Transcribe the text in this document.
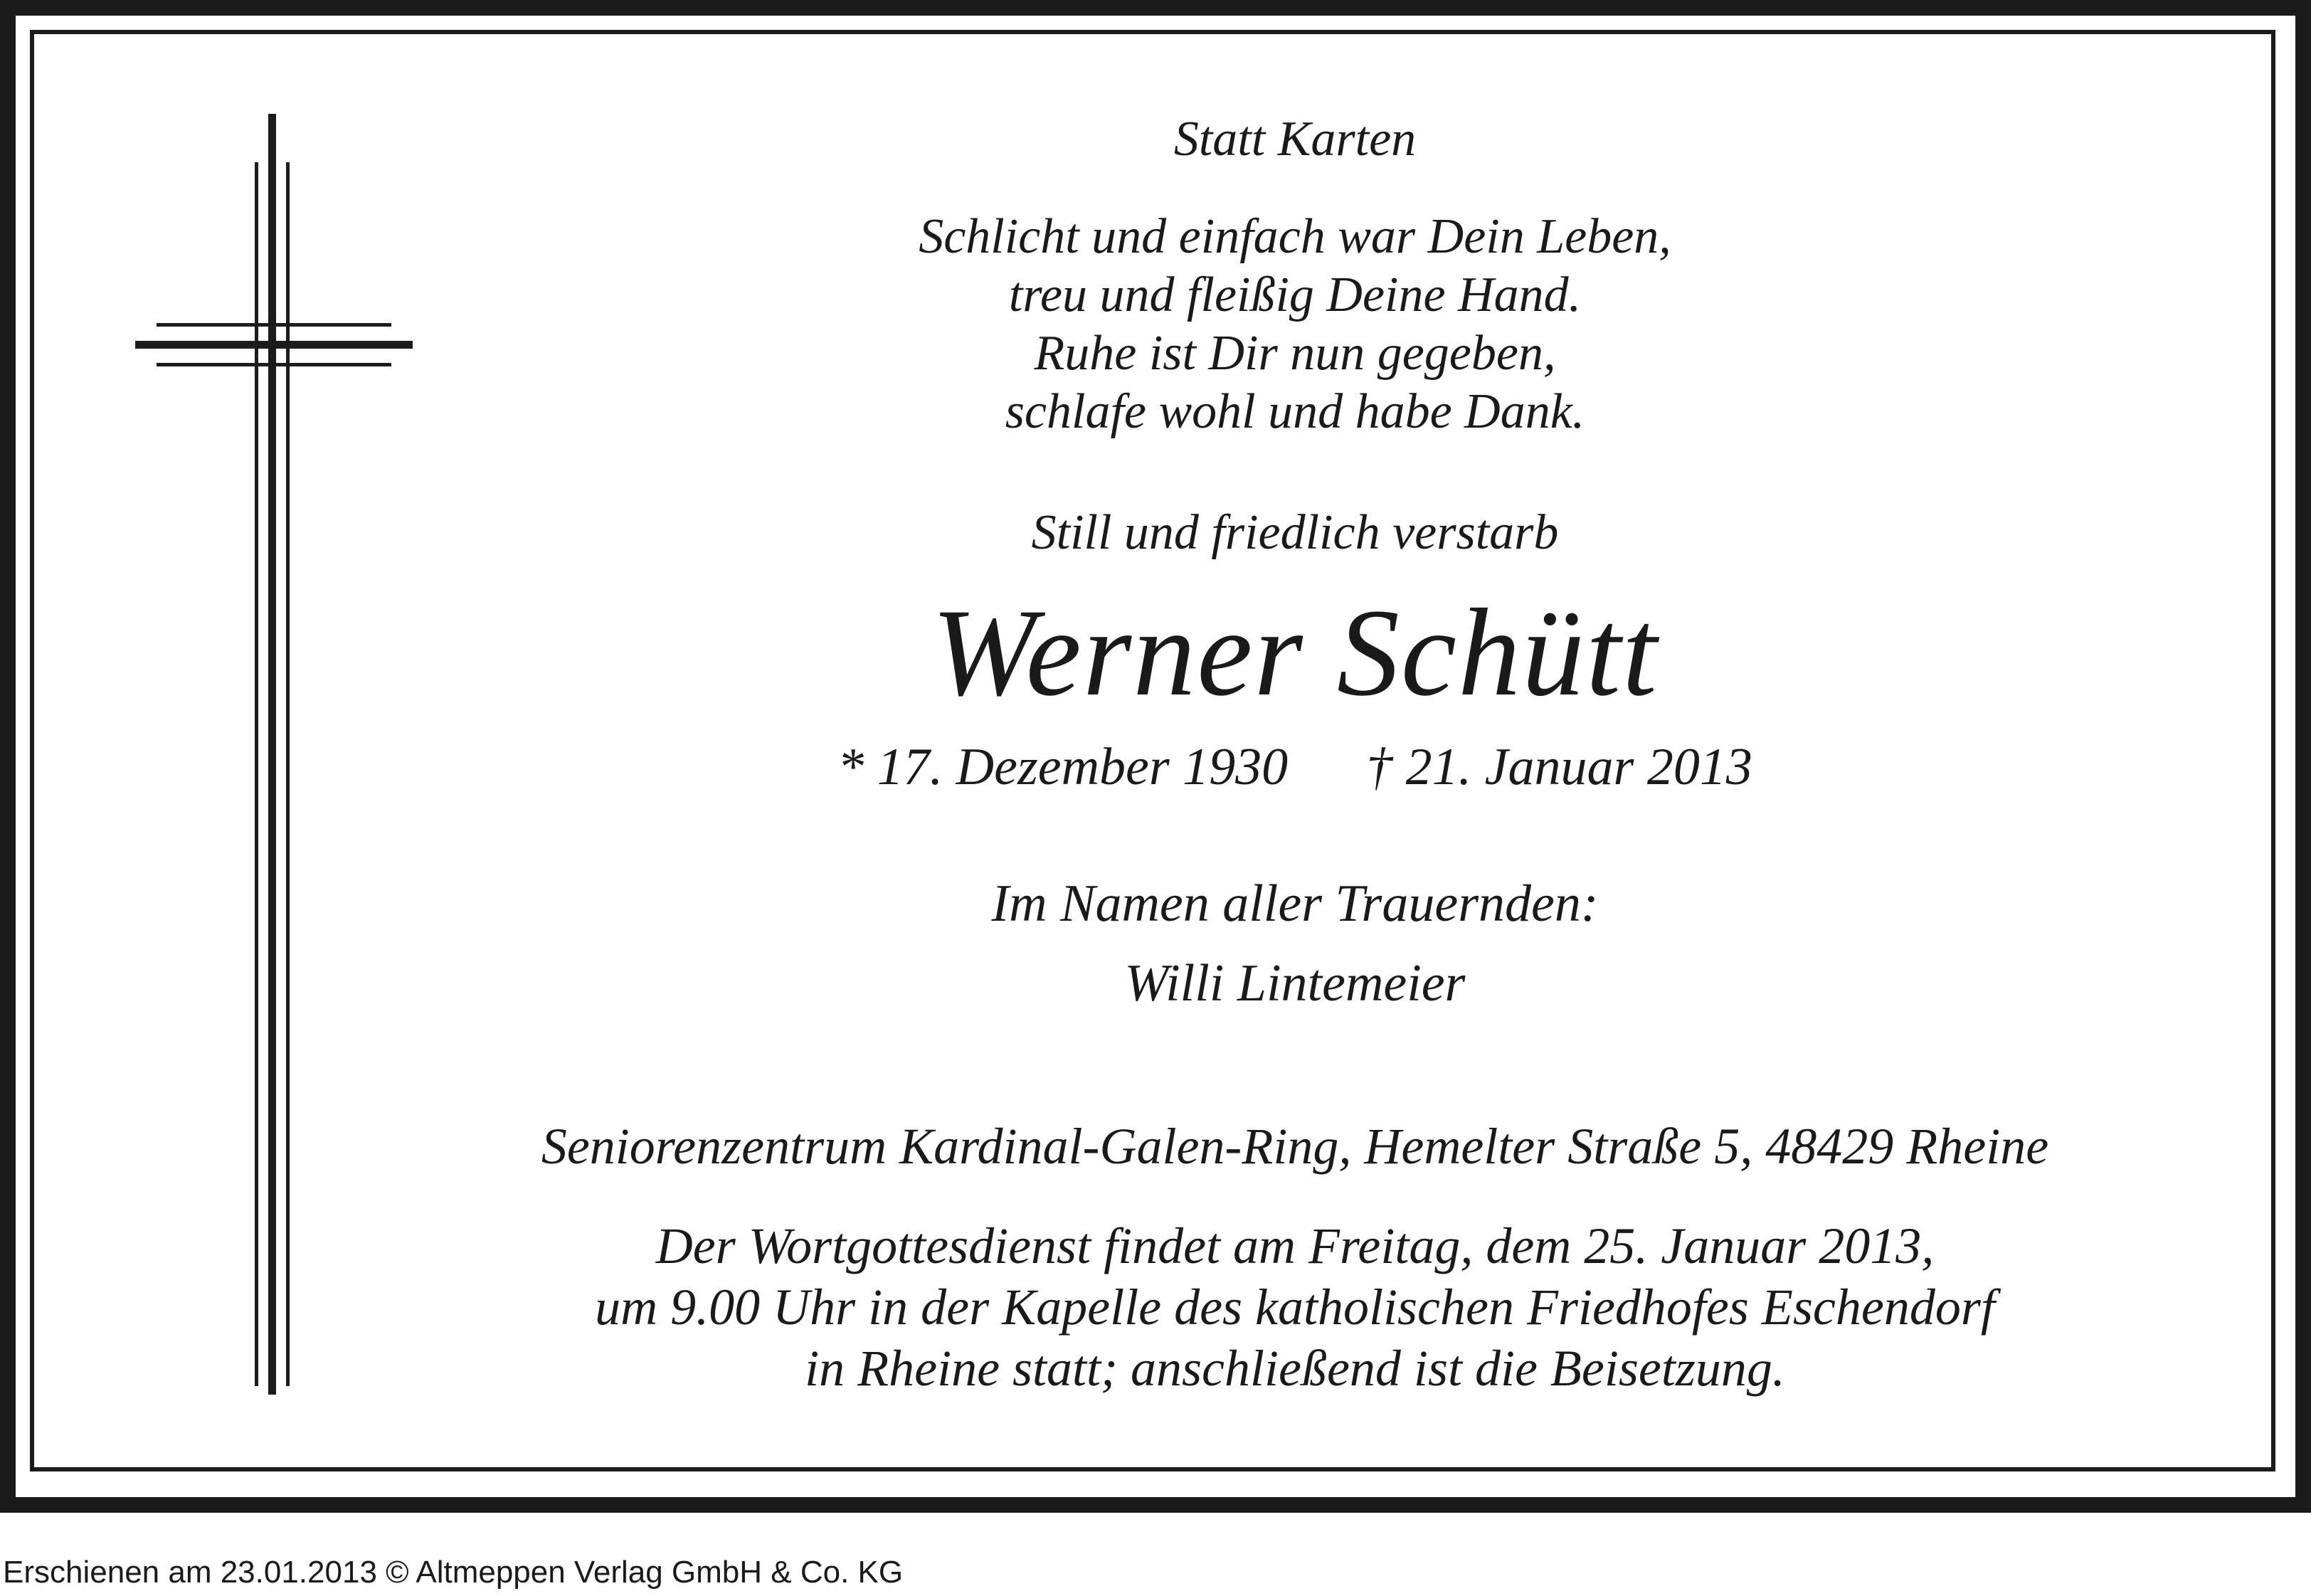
Statt Karten
Schlicht und einfach war Dein Leben,
treu und fleißig Deine Hand.
Ruhe ist Dir nun gegeben,
schlafe wohl und habe Dank.
Still und friedlich verstarb
Werner Schütt
* 17. Dezember 1930 † 21. Januar 2013
Im Namen aller Trauernden:
Willi Lintemeier
Seniorenzentrum Kardinal-Galen-Ring, Hemelter Straße 5, 48429 Rheine
Der Wortgottesdienst findet am Freitag, dem 25. Januar 2013,
um 9.00 Uhr in der Kapelle des katholischen Friedhofes Eschendorf
in Rheine statt; anschließend ist die Beisetzung.
Erschienen am 23.01.2013 © Altmeppen Verlag GmbH & Co. KG
